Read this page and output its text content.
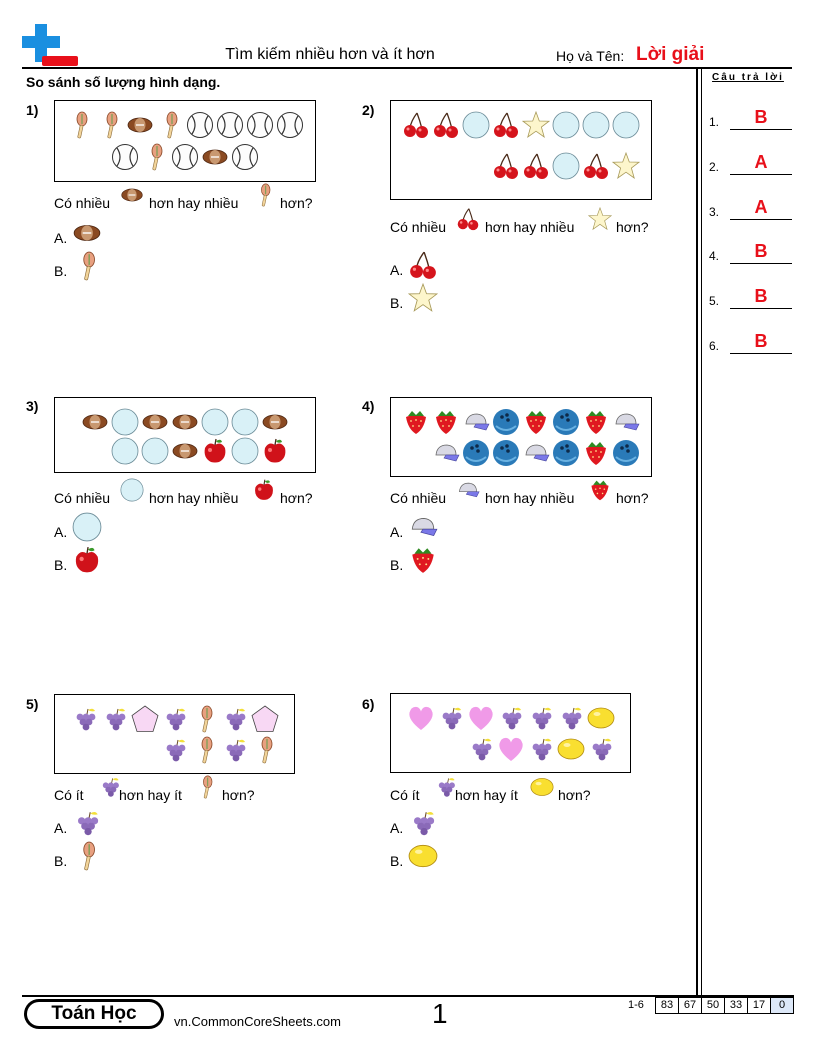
Tìm kiếm nhiều hơn và ít hơn	Họ và Tên: Lời giải
So sánh số lượng hình dạng.	Câu trả lời
1.	B
2.	A
3.	A
4.	B
5.	B
6.	B
1)
Có nhiều	hơn hay nhiều	hơn?
A.
B.
2)
Có nhiều	hơn hay nhiều	hơn?
A.
B.
3)
Có nhiều	hơn hay nhiều	hơn?
A.
B.
4)
Có nhiều	hơn hay nhiều	hơn?
A.
B.
5)
Có ít	hơn hay ít	hơn?
A.
B.
6)
Có ít	hơn hay ít	hơn?
A.
B.
Toán Học	vn.CommonCoreSheets.com	1	1-6	83 67 50 33 17	0
